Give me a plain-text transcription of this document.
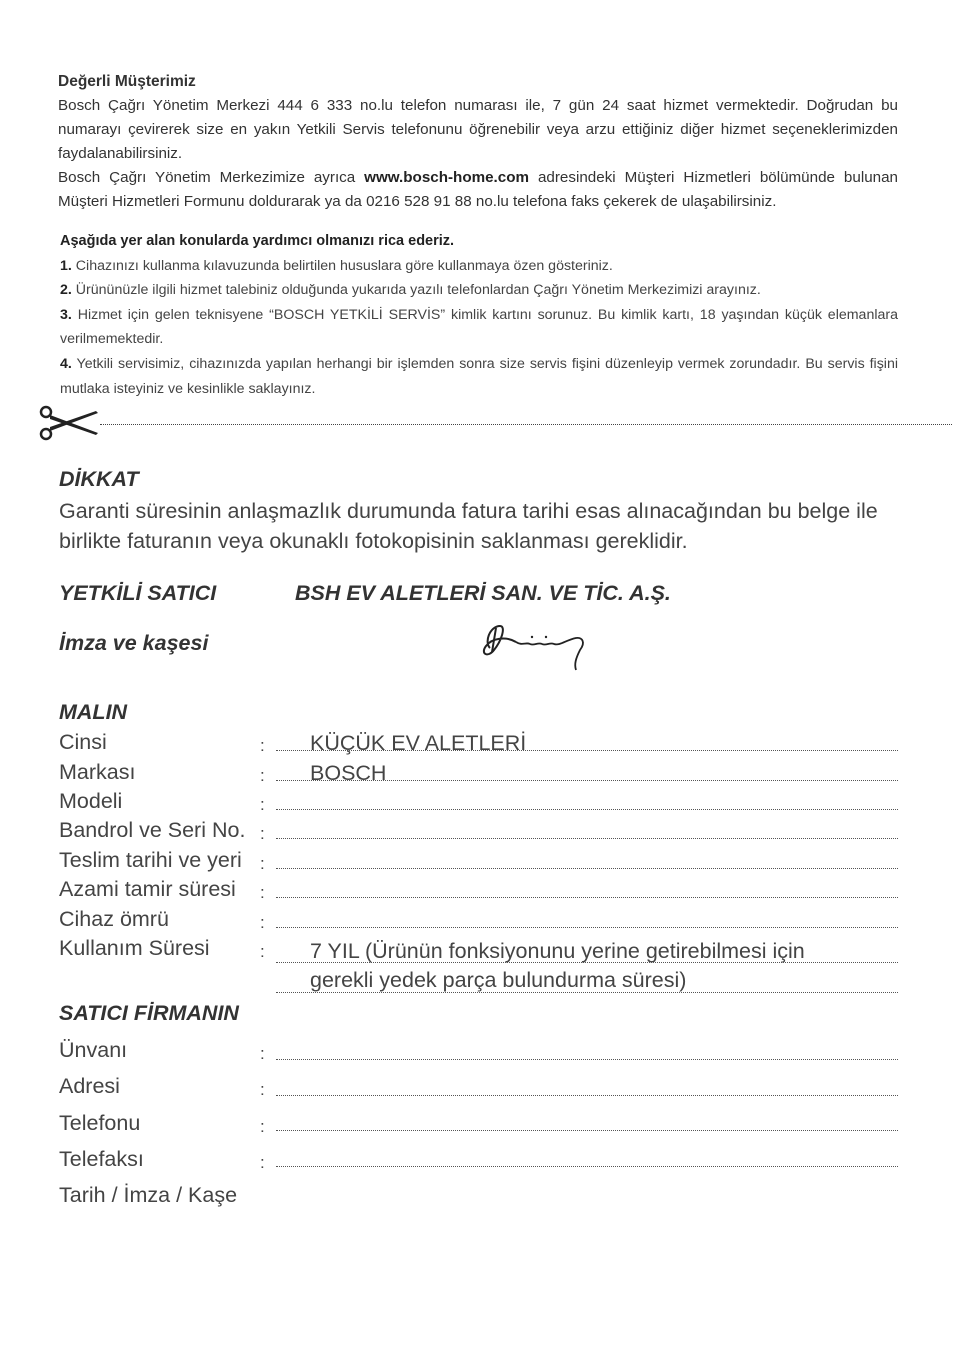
Değerli Müşterimiz

Bosch Çağrı Yönetim Merkezi 444 6 333 no.lu telefon numarası ile, 7 gün 24 saat hizmet vermektedir. Doğrudan bu numarayı çevirerek size en yakın Yetkili Servis telefonunu öğrenebilir veya arzu ettiğiniz diğer hizmet seçeneklerimizden faydalanabilirsiniz.

Bosch Çağrı Yönetim Merkezimize ayrıca www.bosch-home.com adresindeki Müşteri Hizmetleri bölümünde bulunan Müşteri Hizmetleri Formunu doldurarak ya da 0216 528 91 88 no.lu telefona faks çekerek de ulaşabilirsiniz.

Aşağıda yer alan konularda yardımcı olmanızı rica ederiz.

1. Cihazınızı kullanma kılavuzunda belirtilen hususlara göre kullanmaya özen gösteriniz.

2. Ürününüzle ilgili hizmet talebiniz olduğunda yukarıda yazılı telefonlardan Çağrı Yönetim Merkezimizi arayınız.

3. Hizmet için gelen teknisyene “BOSCH YETKİLİ SERVİS” kimlik kartını sorunuz. Bu kimlik kartı, 18 yaşından küçük elemanlara verilmemektedir.

4. Yetkili servisimiz, cihazınızda yapılan herhangi bir işlemden sonra size servis fişini düzenleyip vermek zorundadır. Bu servis fişini mutlaka isteyiniz ve kesinlikle saklayınız.

DİKKAT
Garanti süresinin anlaşmazlık durumunda fatura tarihi esas alınacağından bu belge ile birlikte faturanın veya okunaklı fotokopisinin saklanması gereklidir.
YETKİLİ SATICI	BSH EV ALETLERİ SAN. VE TİC. A.Ş.
İmza ve kaşesi
MALIN
Cinsi	: KÜÇÜK EV ALETLERİ
Markası	: BOSCH
Modeli	:
Bandrol ve Seri No. :
Teslim tarihi ve yeri :
Azami tamir süresi :
Cihaz ömrü	:
Kullanım Süresi	: 7 YIL (Ürünün fonksiyonunu yerine getirebilmesi için
gerekli yedek parça bulundurma süresi)
SATICI FİRMANIN
Ünvanı	:
Adresi	:
Telefonu	:
Telefaksı	:
Tarih / İmza / Kaşe
